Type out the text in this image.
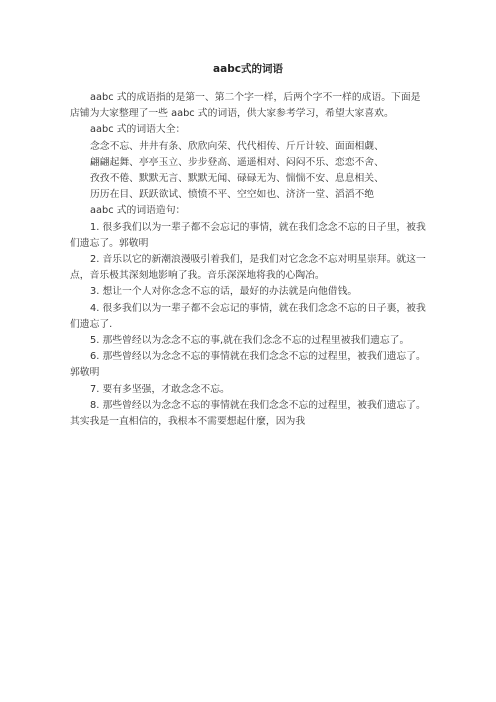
aabc式的词语

aabc 式的成语指的是第一、第二个字一样，后两个字不一样的成语。下面是店铺为大家整理了一些 aabc 式的词语，供大家参考学习，希望大家喜欢。

aabc 式的词语大全：

念念不忘、井井有条、欣欣向荣、代代相传、斤斤计较、面面相觑、

翩翩起舞、亭亭玉立、步步登高、遥遥相对、闷闷不乐、恋恋不舍、

孜孜不倦、默默无言、默默无闻、碌碌无为、惴惴不安、息息相关、

历历在目、跃跃欲试、愤愤不平、空空如也、济济一堂、滔滔不绝

aabc 式的词语造句：

1. 很多我们以为一辈子都不会忘记的事情，就在我们念念不忘的日子里，被我们遗忘了。郭敬明

2. 音乐以它的新潮浪漫吸引着我们，是我们对它念念不忘对明星崇拜。就这一点，音乐极其深刻地影响了我。音乐深深地将我的心陶冶。

3. 想让一个人对你念念不忘的话，最好的办法就是向他借钱。

4. 很多我们以为一辈子都不会忘记的事情，就在我们念念不忘的日子裏，被我们遗忘了.

5. 那些曾经以为念念不忘的事,就在我们念念不忘的过程里被我们遗忘了。

6. 那些曾经以为念念不忘的事情就在我们念念不忘的过程里，被我们遗忘了。郭敬明

7. 要有多坚强，才敢念念不忘。

8. 那些曾经以为念念不忘的事情就在我们念念不忘的过程里，被我们遗忘了。其实我是一直相信的，我根本不需要想起什麼，因为我
